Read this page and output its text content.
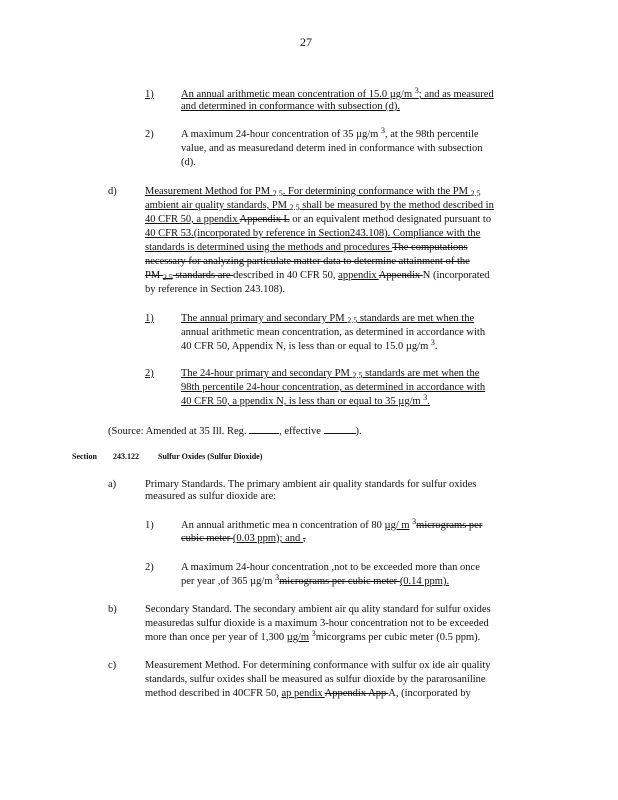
27
1)	An annual arithmetic mean concentration of 15.0 µg/m $^3$; and as measured
and determined in conformance with subsection (d).
2)	A maximum 24-hour concentration of 35 µg/m $^3$, at the 98th percentile
value, and as measuredand determ ined in conformance with subsection
(d).
d)	Measurement Method for PM 2.5. For determining conformance with the PM 2.5
ambient air quality standards, PM 2.5 shall be measured by the method described in
40 CFR 50, a ppendix Appendix L or an equivalent method designated pursuant to
40 CFR 53.(incorporated by reference in Section243.108). Compliance with the
standards is determined using the methods and procedures The computations
necessary for analyzing particulate matter data to determine attainment of the
PM 2.5 standards are described in 40 CFR 50, appendix Appendix N (incorporated
by reference in Section 243.108).
1)	The annual primary and secondary PM 2.5 standards are met when the
annual arithmetic mean concentration, as determined in accordance with
40 CFR 50, Appendix N, is less than or equal to 15.0 µg/m $^3$.
2)	The 24-hour primary and secondary PM 2.5 standards are met when the
98th percentile 24-hour concentration, as determined in accordance with
40 CFR 50, a ppendix N, is less than or equal to 35 µg/m $^3$.
(Source: Amended at 35 Ill. Reg.	, effective	).
Section 243.122 Sulfur Oxides (Sulfur Dioxide)
a)	Primary Standards. The primary ambient air quality standards for sulfur oxides
measured as sulfur dioxide are:
1)	An annual arithmetic mea n concentration of 80 µg/ m $^3$micrograms per
cubic meter (0.03 ppm); and ,
2)	A maximum 24-hour concentration ,not to be exceeded more than once
per year ,of 365 µg/m $^3$micrograms per cubic meter (0.14 ppm).
b)	Secondary Standard. The secondary ambient air qu ality standard for sulfur oxides
measuredas sulfur dioxide is a maximum 3-hour concentration not to be exceeded
more than once per year of 1,300 µg/m $^3$micorgrams per cubic meter (0.5 ppm).
c)	Measurement Method. For determining conformance with sulfur ox ide air quality
standards, sulfur oxides shall be measured as sulfur dioxide by the pararosaniline
method described in 40CFR 50, ap pendix Appendix App A, (incorporated by
